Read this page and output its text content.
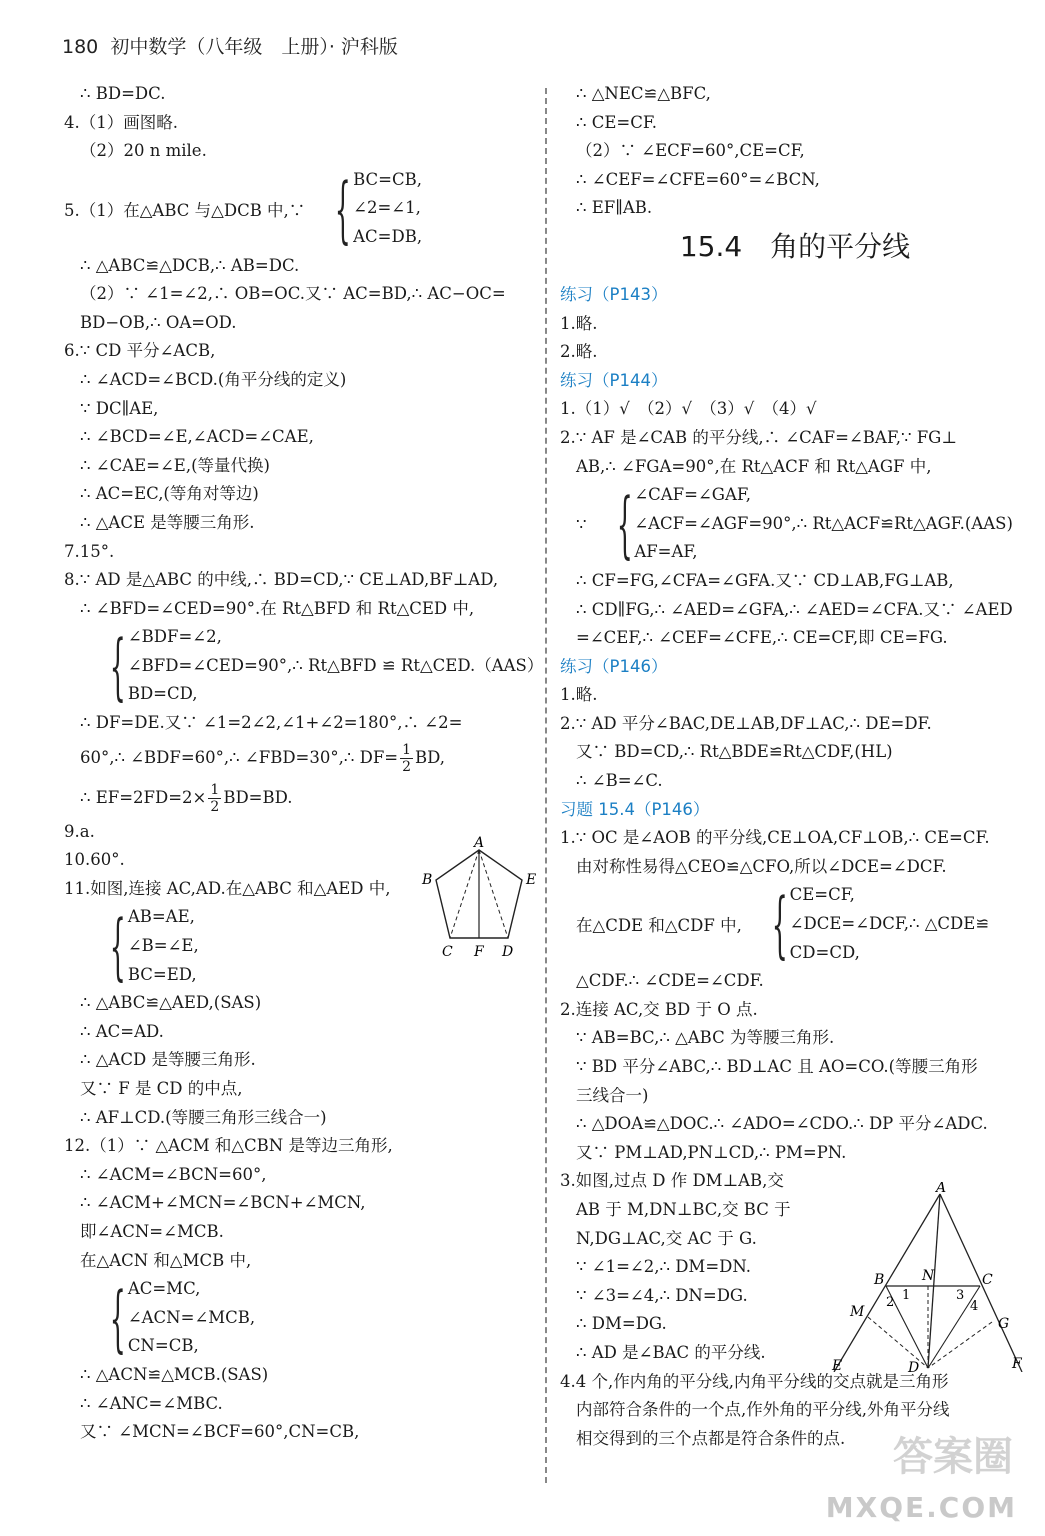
180 初中数学（八年级　上册）· 沪科版
∴ BD=DC.
4.（1）画图略.
（2）20 n mile.
5.（1）在△ABC 与△DCB 中,∵ { BC=CB,
∠2=∠1,
AC=DB,
∴ △ABC≌△DCB,∴ AB=DC.
（2）∵ ∠1=∠2,∴ OB=OC.又∵ AC=BD,∴ AC−OC=
BD−OB,∴ OA=OD.
6.∵ CD 平分∠ACB,
∴ ∠ACD=∠BCD.(角平分线的定义)
∵ DC∥AE,
∴ ∠BCD=∠E,∠ACD=∠CAE,
∴ ∠CAE=∠E,(等量代换)
∴ AC=EC,(等角对等边)
∴ △ACE 是等腰三角形.
7.15°.
8.∵ AD 是△ABC 的中线,∴ BD=CD,∵ CE⊥AD,BF⊥AD,
∴ ∠BFD=∠CED=90°.在 Rt△BFD 和 Rt△CED 中,
{ ∠BDF=∠2,
∠BFD=∠CED=90°,∴ Rt△BFD ≌ Rt△CED.（AAS）
BD=CD,
∴ DF=DE.又∵ ∠1=2∠2,∠1+∠2=180°,∴ ∠2=
60°,∴ ∠BDF=60°,∴ ∠FBD=30°,∴ $DF= \frac{1}{2}$ BD,
∴ $EF=2FD=2\times \frac{1}{2} BD=BD$.
9.a.
10.60°.
11.如图,连接 AC,AD.在△ABC 和△AED 中,
{ AB=AE,
∠B=∠E,
BC=ED,
∴ △ABC≌△AED,(SAS)
∴ AC=AD.
∴ △ACD 是等腰三角形.
又∵ F 是 CD 的中点,
∴ AF⊥CD.(等腰三角形三线合一)
12.（1）∵ △ACM 和△CBN 是等边三角形,
∴ ∠ACM=∠BCN=60°,
∴ ∠ACM+∠MCN=∠BCN+∠MCN,
即∠ACN=∠MCB.
在△ACN 和△MCB 中,
{ AC=MC,
∠ACN=∠MCB,
CN=CB,
∴ △ACN≌△MCB.(SAS)
∴ ∠ANC=∠MBC.
又∵ ∠MCN=∠BCF=60°,CN=CB,
A
B	E
C F D
∴ △NEC≌△BFC,
∴ CE=CF.
（2）∵ ∠ECF=60°,CE=CF,
∴ ∠CEF=∠CFE=60°=∠BCN,
∴ EF∥AB.
15.4　角的平分线
练习（P143）
1.略.
2.略.
练习（P144）
1.（1）√　（2）√　（3）√　（4）√
2.∵ AF 是∠CAB 的平分线,∴ ∠CAF=∠BAF,∵ FG⊥
AB,∴ ∠FGA=90°,在 Rt△ACF 和 Rt△AGF 中,
∵ { ∠CAF=∠GAF,
∠ACF=∠AGF=90°,∴ Rt△ACF≌Rt△AGF.(AAS)
AF=AF,
∴ CF=FG,∠CFA=∠GFA.又∵ CD⊥AB,FG⊥AB,
∴ CD∥FG,∴ ∠AED=∠GFA,∴ ∠AED=∠CFA.又∵ ∠AED
=∠CEF,∴ ∠CEF=∠CFE,∴ CE=CF,即 CE=FG.
练习（P146）
1.略.
2.∵ AD 平分∠BAC,DE⊥AB,DF⊥AC,∴ DE=DF.
又∵ BD=CD,∴ Rt△BDE≌Rt△CDF,(HL)
∴ ∠B=∠C.
习题 15.4（P146）
1.∵ OC 是∠AOB 的平分线,CE⊥OA,CF⊥OB,∴ CE=CF.
由对称性易得△CEO≌△CFO,所以∠DCE=∠DCF.
在△CDE 和△CDF 中, { CE=CF,
∠DCE=∠DCF,∴ △CDE≌
CD=CD,
△CDF.∴ ∠CDE=∠CDF.
2.连接 AC,交 BD 于 O 点.
∵ AB=BC,∴ △ABC 为等腰三角形.
∵ BD 平分∠ABC,∴ BD⊥AC 且 AO=CO.(等腰三角形
三线合一)
∴ △DOA≌△DOC.∴ ∠ADO=∠CDO.∴ DP 平分∠ADC.
又∵ PM⊥AD,PN⊥CD,∴ PM=PN.
3.如图,过点 D 作 DM⊥AB,交
AB 于 M,DN⊥BC,交 BC 于
N,DG⊥AC,交 AC 于 G.
∵ ∠1=∠2,∴ DM=DN.
∵ ∠3=∠4,∴ DN=DG.
∴ DM=DG.
∴ AD 是∠BAC 的平分线.
4.4 个,作内角的平分线,内角平分线的交点就是三角形
内部符合条件的一个点,作外角的平分线,外角平分线
相交得到的三个点都是符合条件的点.
A
B	C
N
M
G
D
E	F
1
2	3
4
答案圈
MXQE.COM
